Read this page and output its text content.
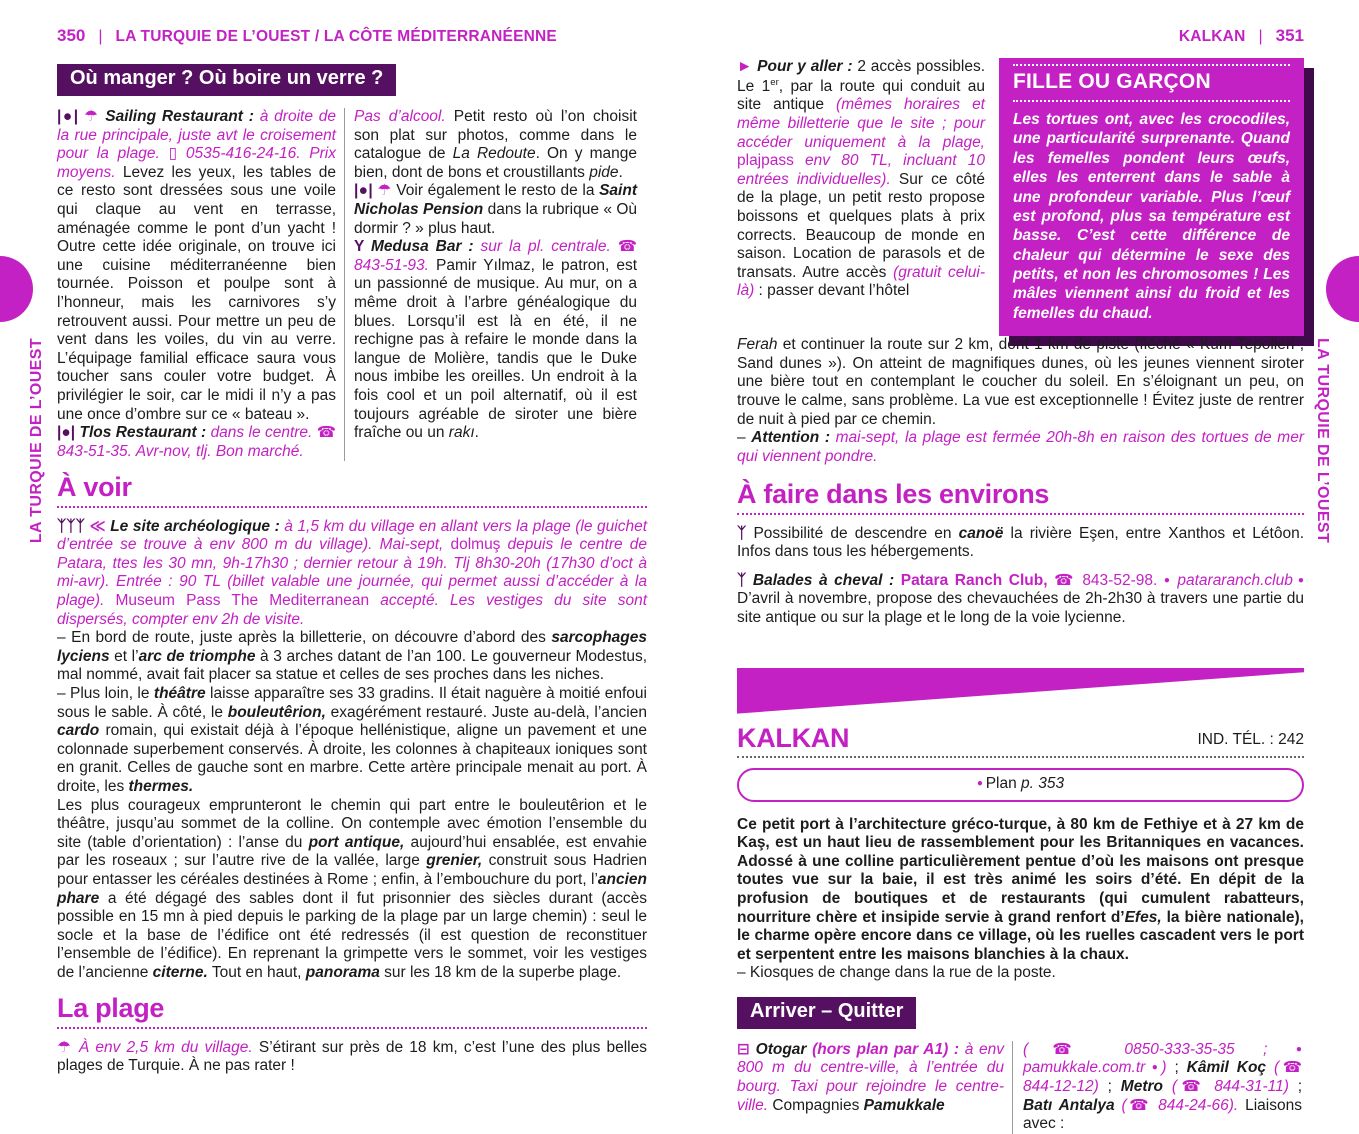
LA TURQUIE DE L’OUEST	LA TURQUIE DE L’OUEST
350 | LA TURQUIE DE L’OUEST / LA CÔTE MÉDITERRANÉENNE
Où manger ? Où boire un verre ?

|●| ☂ Sailing Restaurant : à droite de la rue principale, juste avt le croisement pour la plage. ▯ 0535-416-24-16. Prix moyens. Levez les yeux, les tables de ce resto sont dressées sous une voile qui claque au vent en terrasse, aménagée comme le pont d’un yacht ! Outre cette idée originale, on trouve ici une cuisine méditerranéenne bien tournée. Poisson et poulpe sont à l’honneur, mais les carnivores s’y retrouvent aussi. Pour mettre un peu de vent dans les voiles, du vin au verre. L’équipage familial efficace saura vous toucher sans couler votre budget. À privilégier le soir, car le midi il n’y a pas une once d’ombre sur ce « bateau ».

|●| Tlos Restaurant : dans le centre. ☎ 843-51-35. Avr-nov, tlj. Bon marché.

Pas d’alcool. Petit resto où l’on choisit son plat sur photos, comme dans le catalogue de La Redoute. On y mange bien, dont de bons et croustillants pide.

|●| ☂ Voir également le resto de la Saint Nicholas Pension dans la rubrique « Où dormir ? » plus haut.

Y Medusa Bar : sur la pl. centrale. ☎ 843-51-93. Pamir Yılmaz, le patron, est un passionné de musique. Au mur, on a même droit à l’arbre généalogique du blues. Lorsqu’il est là en été, il ne rechigne pas à refaire le monde dans la langue de Molière, tandis que le Duke nous imbibe les oreilles. Un endroit à la fois cool et un poil alternatif, où il est toujours agréable de siroter une bière fraîche ou un rakı.

À voir

ᛉᛉᛉ ≪ Le site archéologique : à 1,5 km du village en allant vers la plage (le guichet d’entrée se trouve à env 800 m du village). Mai-sept, dolmuş depuis le centre de Patara, ttes les 30 mn, 9h-17h30 ; dernier retour à 19h. Tlj 8h30-20h (17h30 d’oct à mi-avr). Entrée : 90 TL (billet valable une journée, qui permet aussi d’accéder à la plage). Museum Pass The Mediterranean accepté. Les vestiges du site sont dispersés, compter env 2h de visite.

– En bord de route, juste après la billetterie, on découvre d’abord des sarcophages lyciens et l’arc de triomphe à 3 arches datant de l’an 100. Le gouverneur Modestus, mal nommé, avait fait placer sa statue et celles de ses proches dans les niches.

– Plus loin, le théâtre laisse apparaître ses 33 gradins. Il était naguère à moitié enfoui sous le sable. À côté, le bouleutêrion, exagérément restauré. Juste au-delà, l’ancien cardo romain, qui existait déjà à l’époque hellénistique, aligne un pavement et une colonnade superbement conservés. À droite, les colonnes à chapiteaux ioniques sont en granit. Celles de gauche sont en marbre. Cette artère principale menait au port. À droite, les thermes.

Les plus courageux emprunteront le chemin qui part entre le bouleutêrion et le théâtre, jusqu’au sommet de la colline. On contemple avec émotion l’ensemble du site (table d’orientation) : l’anse du port antique, aujourd’hui ensablée, est envahie par les roseaux ; sur l’autre rive de la vallée, large grenier, construit sous Hadrien pour entasser les céréales destinées à Rome ; enfin, à l’embouchure du port, l’ancien phare a été dégagé des sables dont il fut prisonnier des siècles durant (accès possible en 15 mn à pied depuis le parking de la plage par un large chemin) : seul le socle et la base de l’édifice ont été redressés (il est question de reconstituer l’ensemble de l’édifice). En reprenant la grimpette vers le sommet, voir les vestiges de l’ancienne citerne. Tout en haut, panorama sur les 18 km de la superbe plage.

La plage

☂ À env 2,5 km du village. S’étirant sur près de 18 km, c’est l’une des plus belles plages de Turquie. À ne pas rater !

KALKAN | 351

► Pour y aller : 2 accès possibles. Le 1er, par la route qui conduit au site antique (mêmes horaires et même billetterie que le site ; pour accéder uniquement à la plage, plajpass env 80 TL, incluant 10 entrées individuelles). Sur ce côté de la plage, un petit resto propose boissons et quelques plats à prix corrects. Beaucoup de monde en saison. Location de parasols et de transats. Autre accès (gratuit celui-là) : passer devant l’hôtel

FILLE OU GARÇON

Les tortues ont, avec les crocodiles, une particularité surprenante. Quand les femelles pondent leurs œufs, elles les enterrent dans le sable à une profondeur variable. Plus l’œuf est profond, plus sa température est basse. C’est cette différence de chaleur qui détermine le sexe des petits, et non les chromosomes ! Les mâles viennent ainsi du froid et les femelles du chaud.

Ferah et continuer la route sur 2 km, dont 1 km de piste (fléché « Kum Tepolleri ; Sand dunes »). On atteint de magnifiques dunes, où les jeunes viennent siroter une bière tout en contemplant le coucher du soleil. En s’éloignant un peu, on trouve le calme, sans problème. La vue est exceptionnelle ! Évitez juste de rentrer de nuit à pied par ce chemin.

– Attention : mai-sept, la plage est fermée 20h-8h en raison des tortues de mer qui viennent pondre.

À faire dans les environs

ᛉ Possibilité de descendre en canoë la rivière Eşen, entre Xanthos et Létôon. Infos dans tous les hébergements.

ᛉ Balades à cheval : Patara Ranch Club, ☎ 843-52-98. ● patararanch.club ● D’avril à novembre, propose des chevauchées de 2h-2h30 à travers une partie du site antique ou sur la plage et le long de la voie lycienne.

KALKAN	IND. TÉL. : 242

● Plan p. 353

Ce petit port à l’architecture gréco-turque, à 80 km de Fethiye et à 27 km de Kaş, est un haut lieu de rassemblement pour les Britanniques en vacances. Adossé à une colline particulièrement pentue d’où les maisons ont presque toutes vue sur la baie, il est très animé les soirs d’été. En dépit de la profusion de boutiques et de restaurants (qui cumulent rabatteurs, nourriture chère et insipide servie à grand renfort d’Efes, la bière nationale), le charme opère encore dans ce village, où les ruelles cascadent vers le port et serpentent entre les maisons blanchies à la chaux.

– Kiosques de change dans la rue de la poste.

Arriver – Quitter

⊟ Otogar (hors plan par A1) : à env 800 m du centre-ville, à l’entrée du bourg. Taxi pour rejoindre le centre-ville. Compagnies Pamukkale

(☎ 0850-333-35-35 ; ● pamukkale.com.tr ●) ; Kâmil Koç (☎ 844-12-12) ; Metro (☎ 844-31-11) ; Batı Antalya (☎ 844-24-66). Liaisons avec :
